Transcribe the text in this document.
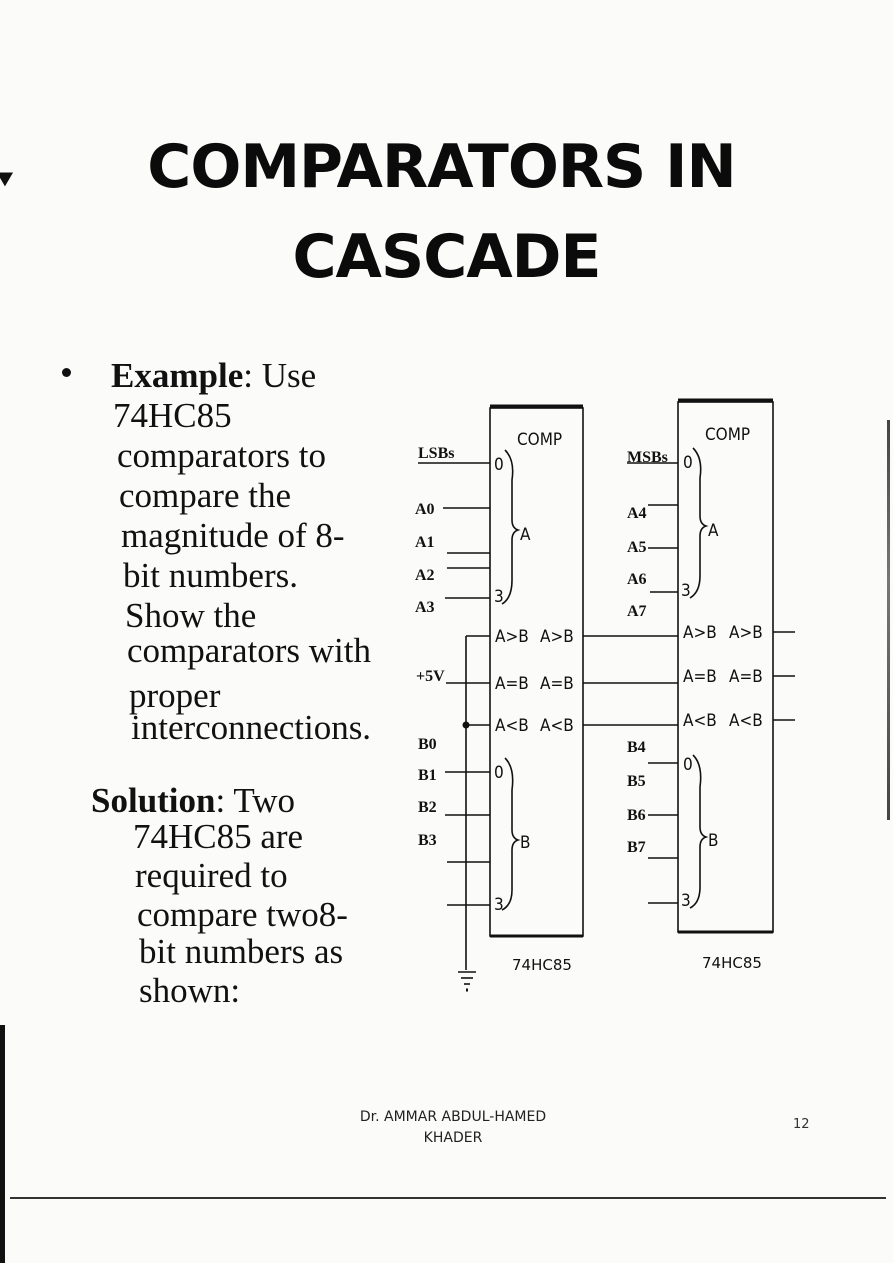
COMPARATORS IN
CASCADE
Example: Use
74HC85
comparators to
compare the
magnitude of 8-
bit numbers.
Show the
comparators with
proper
interconnections.
Solution: Two
74HC85 are
required to
compare two8-
bit numbers as
shown:
LSBs
A0
A1
A2
A3
+5V
B0
B1
B2
B3
MSBs
A4
A5
A6
A7
B4
B5
B6
B7
COMP
0
A
3
A>B
A=B
A<B
A>B
A=B
A<B
0
B
3
74HC85
COMP
0
A
3
A>B
A=B
A<B
A>B
A=B
A<B
0
B
3
74HC85
Dr. AMMAR ABDUL-HAMED
KHADER
12
